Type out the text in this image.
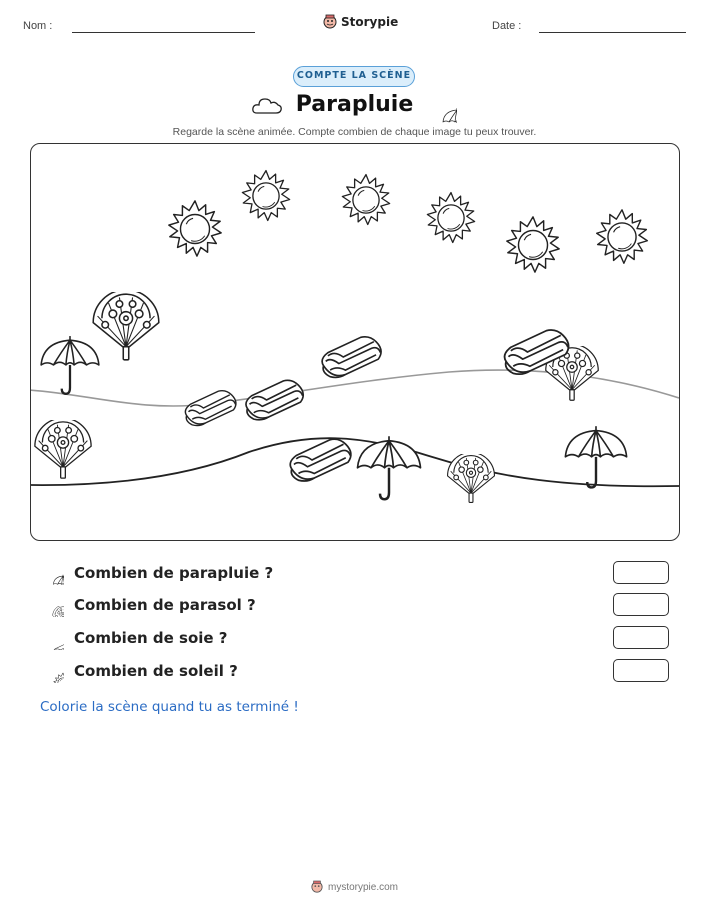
Nom :	Storypie	Date :
COMPTE LA SCÈNE
Parapluie
Regarde la scène animée. Compte combien de chaque image tu peux trouver.
Combien de parapluie ?
Combien de parasol ?
Combien de soie ?
Combien de soleil ?
Colorie la scène quand tu as terminé !
mystorypie.com
